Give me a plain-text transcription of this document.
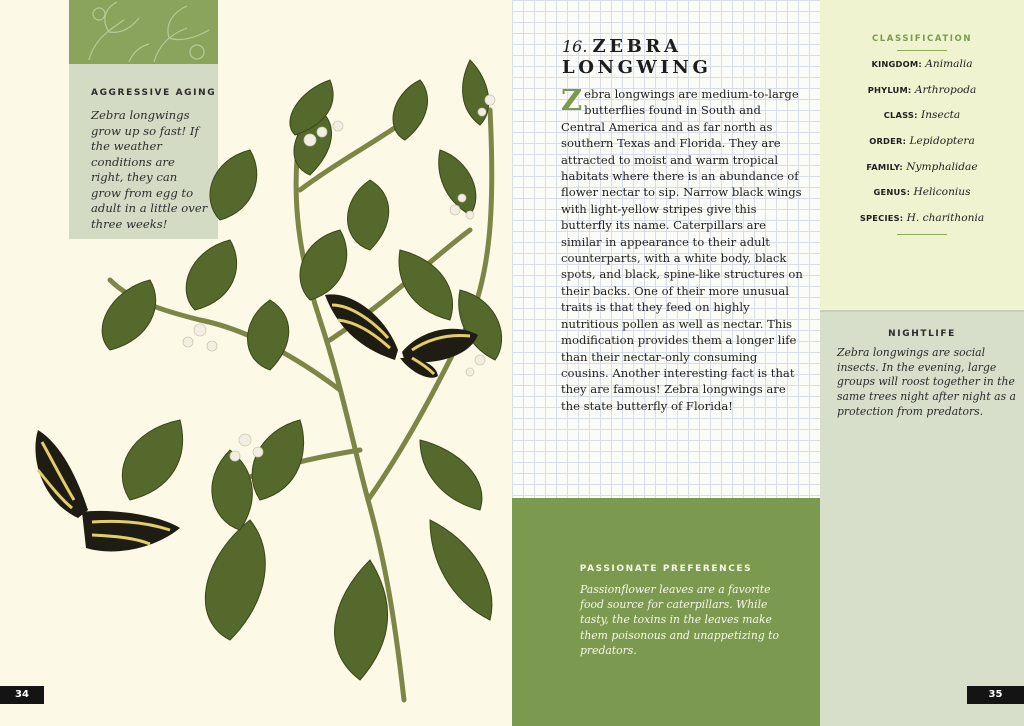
AGGRESSIVE AGING
Zebra longwings grow up so fast! If the weather conditions are right, they can grow from egg to adult in a little over three weeks!
34
PASSIONATE PREFERENCES
Passionflower leaves are a favorite food source for caterpillars. While tasty, the toxins in the leaves make them poisonous and unappetizing to predators.
CLASSIFICATION
KINGDOM: Animalia
PHYLUM: Arthropoda
CLASS: Insecta
ORDER: Lepidoptera
FAMILY: Nymphalidae
GENUS: Heliconius
SPECIES: H. charithonia
NIGHTLIFE
Zebra longwings are social insects. In the evening, large groups will roost together in the same trees night after night as a protection from predators.
35
16. ZEBRA
LONGWING
Zebra longwings are medium-to-large butterflies found in South and Central America and as far north as southern Texas and Florida. They are attracted to moist and warm tropical habitats where there is an abundance of flower nectar to sip. Narrow black wings with light-yellow stripes give this butterfly its name. Caterpillars are similar in appearance to their adult counterparts, with a white body, black spots, and black, spine-like structures on their backs. One of their more unusual traits is that they feed on highly nutritious pollen as well as nectar. This modification provides them a longer life than their nectar-only consuming cousins. Another interesting fact is that they are famous! Zebra longwings are the state butterfly of Florida!
